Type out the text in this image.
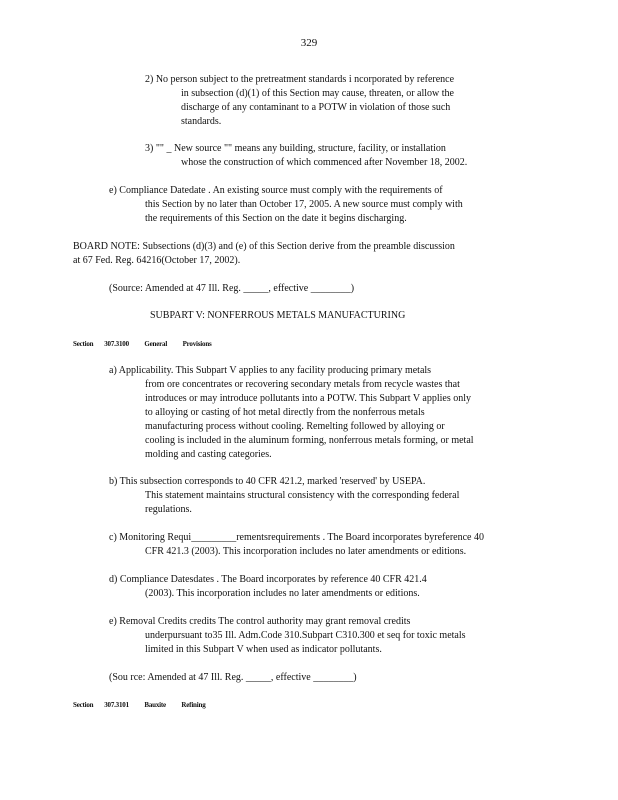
329
2) No person subject to the pretreatment standards i ncorporated by reference
in subsection (d)(1) of this Section may cause, threaten, or allow the
discharge of any contaminant to a POTW in violation of those such
standards.
3) "" _ New source "" means any building, structure, facility, or installation
whose the construction of which commenced after November 18, 2002.
e) Compliance Datedate . An existing source must comply with the requirements of
this Section by no later than October 17, 2005. A new source must comply with
the requirements of this Section on the date it begins discharging.
BOARD NOTE: Subsections (d)(3) and (e) of this Section derive from the preamble discussion
at 67 Fed. Reg. 64216(October 17, 2002).
(Source: Amended at 47 Ill. Reg. _____, effective ________)
SUBPART V: NONFERROUS METALS MANUFACTURING
a) Applicability. This Subpart V applies to any facility producing primary metals
from ore concentrates or recovering secondary metals from recycle wastes that
introduces or may introduce pollutants into a POTW. This Subpart V applies only
to alloying or casting of hot metal directly from the nonferrous metals
manufacturing process without cooling. Remelting followed by alloying or
cooling is included in the aluminum forming, nonferrous metals forming, or metal
molding and casting categories.
b) This subsection corresponds to 40 CFR 421.2, marked 'reserved' by USEPA.
This statement maintains structural consistency with the corresponding federal
regulations.
c) Monitoring Requi_________rementsrequirements . The Board incorporates byreference 40
CFR 421.3 (2003). This incorporation includes no later amendments or editions.
d) Compliance Datesdates . The Board incorporates by reference 40 CFR 421.4
(2003). This incorporation includes no later amendments or editions.
e) Removal Credits credits The control authority may grant removal credits
underpursuant to35 Ill. Adm.Code 310.Subpart C310.300 et seq for toxic metals
limited in this Subpart V when used as indicator pollutants.
(Sou rce: Amended at 47 Ill. Reg. _____, effective ________)
Section       307.3100          General          Provisions
Section       307.3101          Bauxite          Refining
